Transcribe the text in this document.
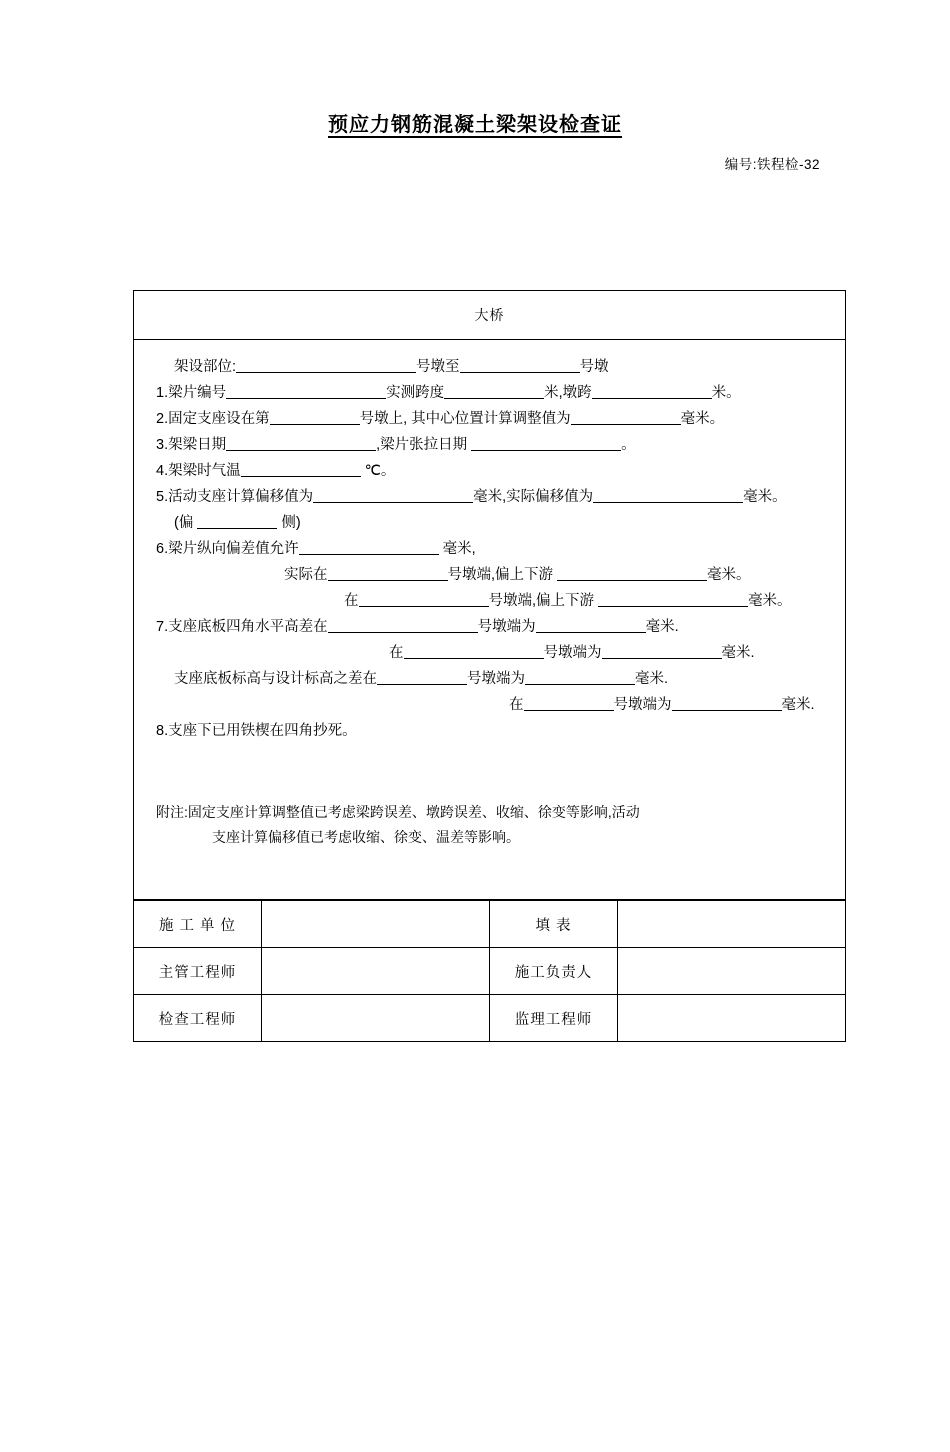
预应力钢筋混凝土梁架设检查证
编号:铁程检-32
大桥
架设部位:	号墩至	号墩
1.梁片编号	实测跨度	米,墩跨	米。
2.固定支座设在第	号墩上, 其中心位置计算调整值为	毫米。
3.架梁日期	,梁片张拉日期	。
4.架梁时气温	℃。
5.活动支座计算偏移值为	毫米,实际偏移值为	毫米。
(偏	侧)
6.梁片纵向偏差值允许	毫米,
实际在	号墩端,偏上下游	毫米。
在	号墩端,偏上下游	毫米。
7.支座底板四角水平高差在	号墩端为	毫米.
在	号墩端为	毫米.
支座底板标高与设计标高之差在	号墩端为	毫米.
在	号墩端为	毫米.
8.支座下已用铁楔在四角抄死。
附注:固定支座计算调整值已考虑梁跨误差、墩跨误差、收缩、徐变等影响,活动
支座计算偏移值已考虑收缩、徐变、温差等影响。
施 工 单 位		填 表	
主管工程师		施工负责人	
检查工程师		监理工程师	
